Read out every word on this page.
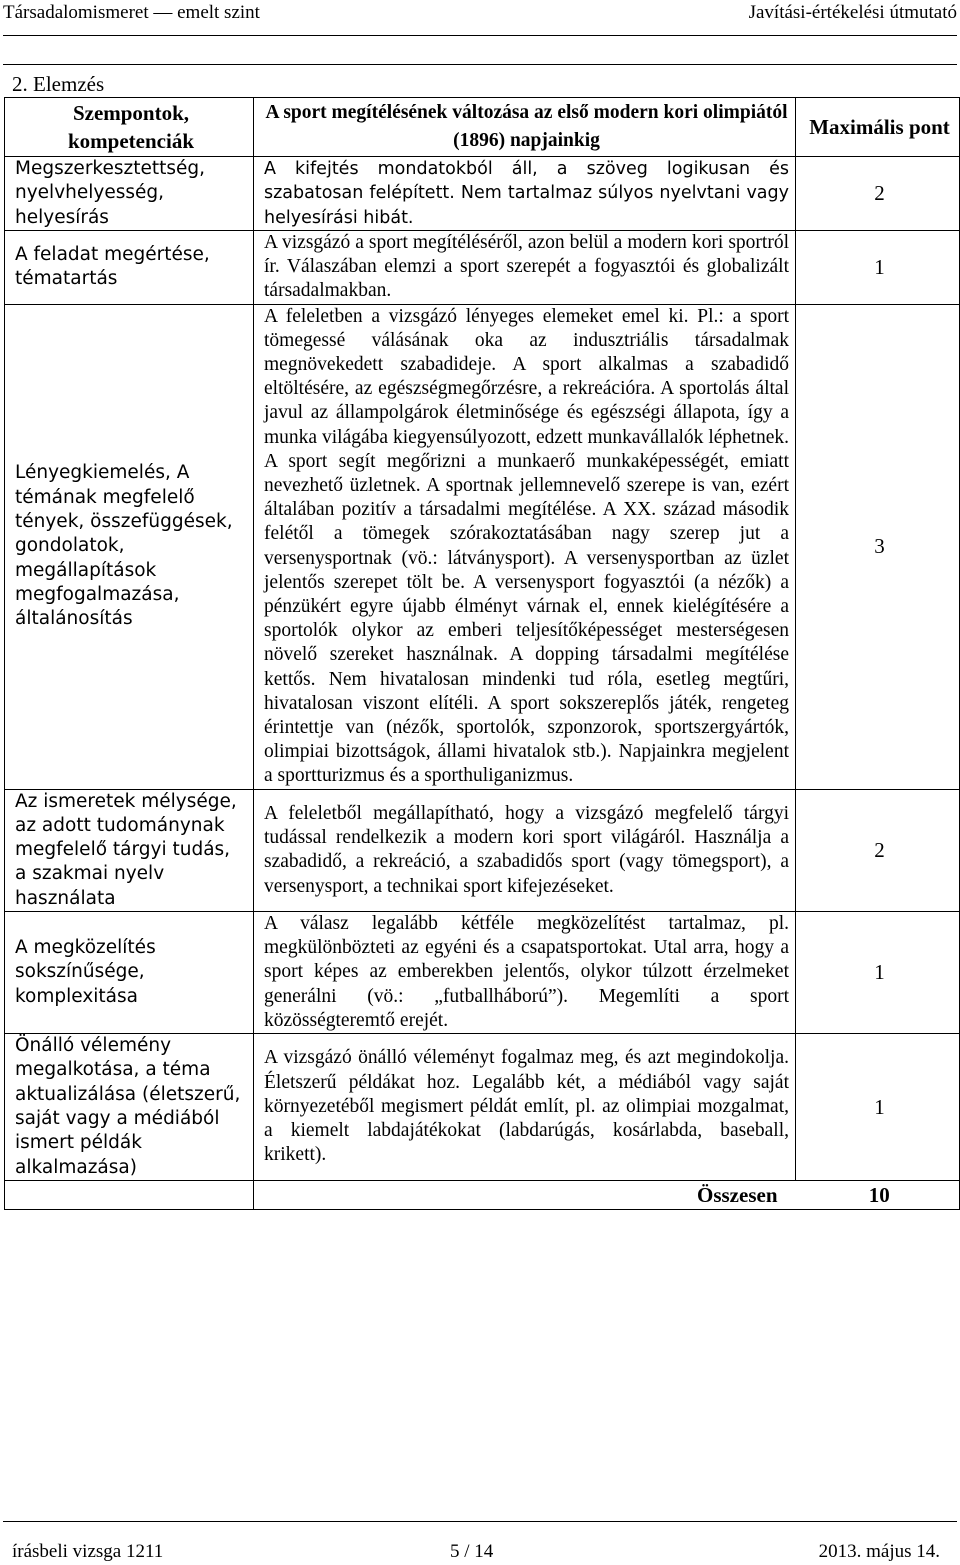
Társadalomismeret — emelt szint	Javítási-értékelési útmutató
2. Elemzés
Szempontok, kompetenciák	A sport megítélésének változása az első modern kori olimpiától (1896) napjainkig	Maximális pont
Megszerkesztettség, nyelvhelyesség, helyesírás	A kifejtés mondatokból áll, a szöveg logikusan és szabatosan felépített. Nem tartalmaz súlyos nyelvtani vagy helyesírási hibát.	2
A feladat megértése, tématartás	A vizsgázó a sport megítéléséről, azon belül a modern kori sportról ír. Válaszában elemzi a sport szerepét a fogyasztói és globalizált társadalmakban.	1
Lényegkiemelés, A témának megfelelő tények, összefüggések, gondolatok, megállapítások megfogalmazása, általánosítás	A feleletben a vizsgázó lényeges elemeket emel ki. Pl.: a sport tömegessé válásának oka az indusztriális társadalmak megnövekedett szabadideje. A sport alkalmas a szabadidő eltöltésére, az egészségmegőrzésre, a rekreációra. A sportolás által javul az állampolgárok életminősége és egészségi állapota, így a munka világába kiegyensúlyozott, edzett munkavállalók léphetnek. A sport segít megőrizni a munkaerő munkaképességét, emiatt nevezhető üzletnek. A sportnak jellemnevelő szerepe is van, ezért általában pozitív a társadalmi megítélése. A XX. század második felétől a tömegek szórakoztatásában nagy szerep jut a versenysportnak (vö.: látványsport). A versenysportban az üzlet jelentős szerepet tölt be. A versenysport fogyasztói (a nézők) a pénzükért egyre újabb élményt várnak el, ennek kielégítésére a sportolók olykor az emberi teljesítőképességet mesterségesen növelő szereket használnak. A dopping társadalmi megítélése kettős. Nem hivatalosan mindenki tud róla, esetleg megtűri, hivatalosan viszont elítéli. A sport sokszereplős játék, rengeteg érintettje van (nézők, sportolók, szponzorok, sportszergyártók, olimpiai bizottságok, állami hivatalok stb.). Napjainkra megjelent a sportturizmus és a sporthuliganizmus.	3
Az ismeretek mélysége, az adott tudománynak megfelelő tárgyi tudás, a szakmai nyelv használata	A feleletből megállapítható, hogy a vizsgázó megfelelő tárgyi tudással rendelkezik a modern kori sport világáról. Használja a szabadidő, a rekreáció, a szabadidős sport (vagy tömegsport), a versenysport, a technikai sport kifejezéseket.	2
A megközelítés sokszínűsége, komplexitása	A válasz legalább kétféle megközelítést tartalmaz, pl. megkülönbözteti az egyéni és a csapatsportokat. Utal arra, hogy a sport képes az emberekben jelentős, olykor túlzott érzelmeket generálni (vö.: „futballháború”). Megemlíti a sport közösségteremtő erejét.	1
Önálló vélemény megalkotása, a téma aktualizálása (életszerű, saját vagy a médiából ismert példák alkalmazása)	A vizsgázó önálló véleményt fogalmaz meg, és azt megindokolja. Életszerű példákat hoz. Legalább két, a médiából vagy saját környezetéből megismert példát említ, pl. az olimpiai mozgalmat, a kiemelt labdajátékokat (labdarúgás, kosárlabda, baseball, krikett).	1
	Összesen	10
írásbeli vizsga 1211	5 / 14	2013. május 14.
